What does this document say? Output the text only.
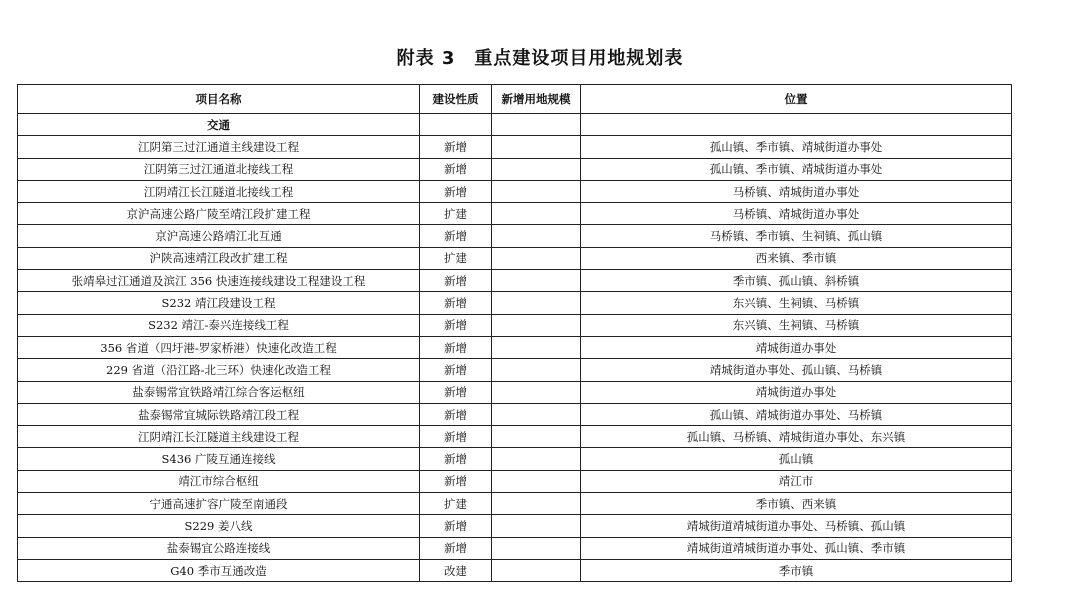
附表 3　重点建设项目用地规划表
项目名称	建设性质	新增用地规模	位置
交通			
江阴第三过江通道主线建设工程	新增		孤山镇、季市镇、靖城街道办事处
江阴第三过江通道北接线工程	新增		孤山镇、季市镇、靖城街道办事处
江阴靖江长江隧道北接线工程	新增		马桥镇、靖城街道办事处
京沪高速公路广陵至靖江段扩建工程	扩建		马桥镇、靖城街道办事处
京沪高速公路靖江北互通	新增		马桥镇、季市镇、生祠镇、孤山镇
沪陕高速靖江段改扩建工程	扩建		西来镇、季市镇
张靖皋过江通道及滨江 356 快速连接线建设工程建设工程	新增		季市镇、孤山镇、斜桥镇
S232 靖江段建设工程	新增		东兴镇、生祠镇、马桥镇
S232 靖江-泰兴连接线工程	新增		东兴镇、生祠镇、马桥镇
356 省道（四圩港-罗家桥港）快速化改造工程	新增		靖城街道办事处
229 省道（沿江路-北三环）快速化改造工程	新增		靖城街道办事处、孤山镇、马桥镇
盐泰锡常宜铁路靖江综合客运枢纽	新增		靖城街道办事处
盐泰锡常宜城际铁路靖江段工程	新增		孤山镇、靖城街道办事处、马桥镇
江阴靖江长江隧道主线建设工程	新增		孤山镇、马桥镇、靖城街道办事处、东兴镇
S436 广陵互通连接线	新增		孤山镇
靖江市综合枢纽	新增		靖江市
宁通高速扩容广陵至南通段	扩建		季市镇、西来镇
S229 姜八线	新增		靖城街道靖城街道办事处、马桥镇、孤山镇
盐泰锡宜公路连接线	新增		靖城街道靖城街道办事处、孤山镇、季市镇
G40 季市互通改造	改建		季市镇
